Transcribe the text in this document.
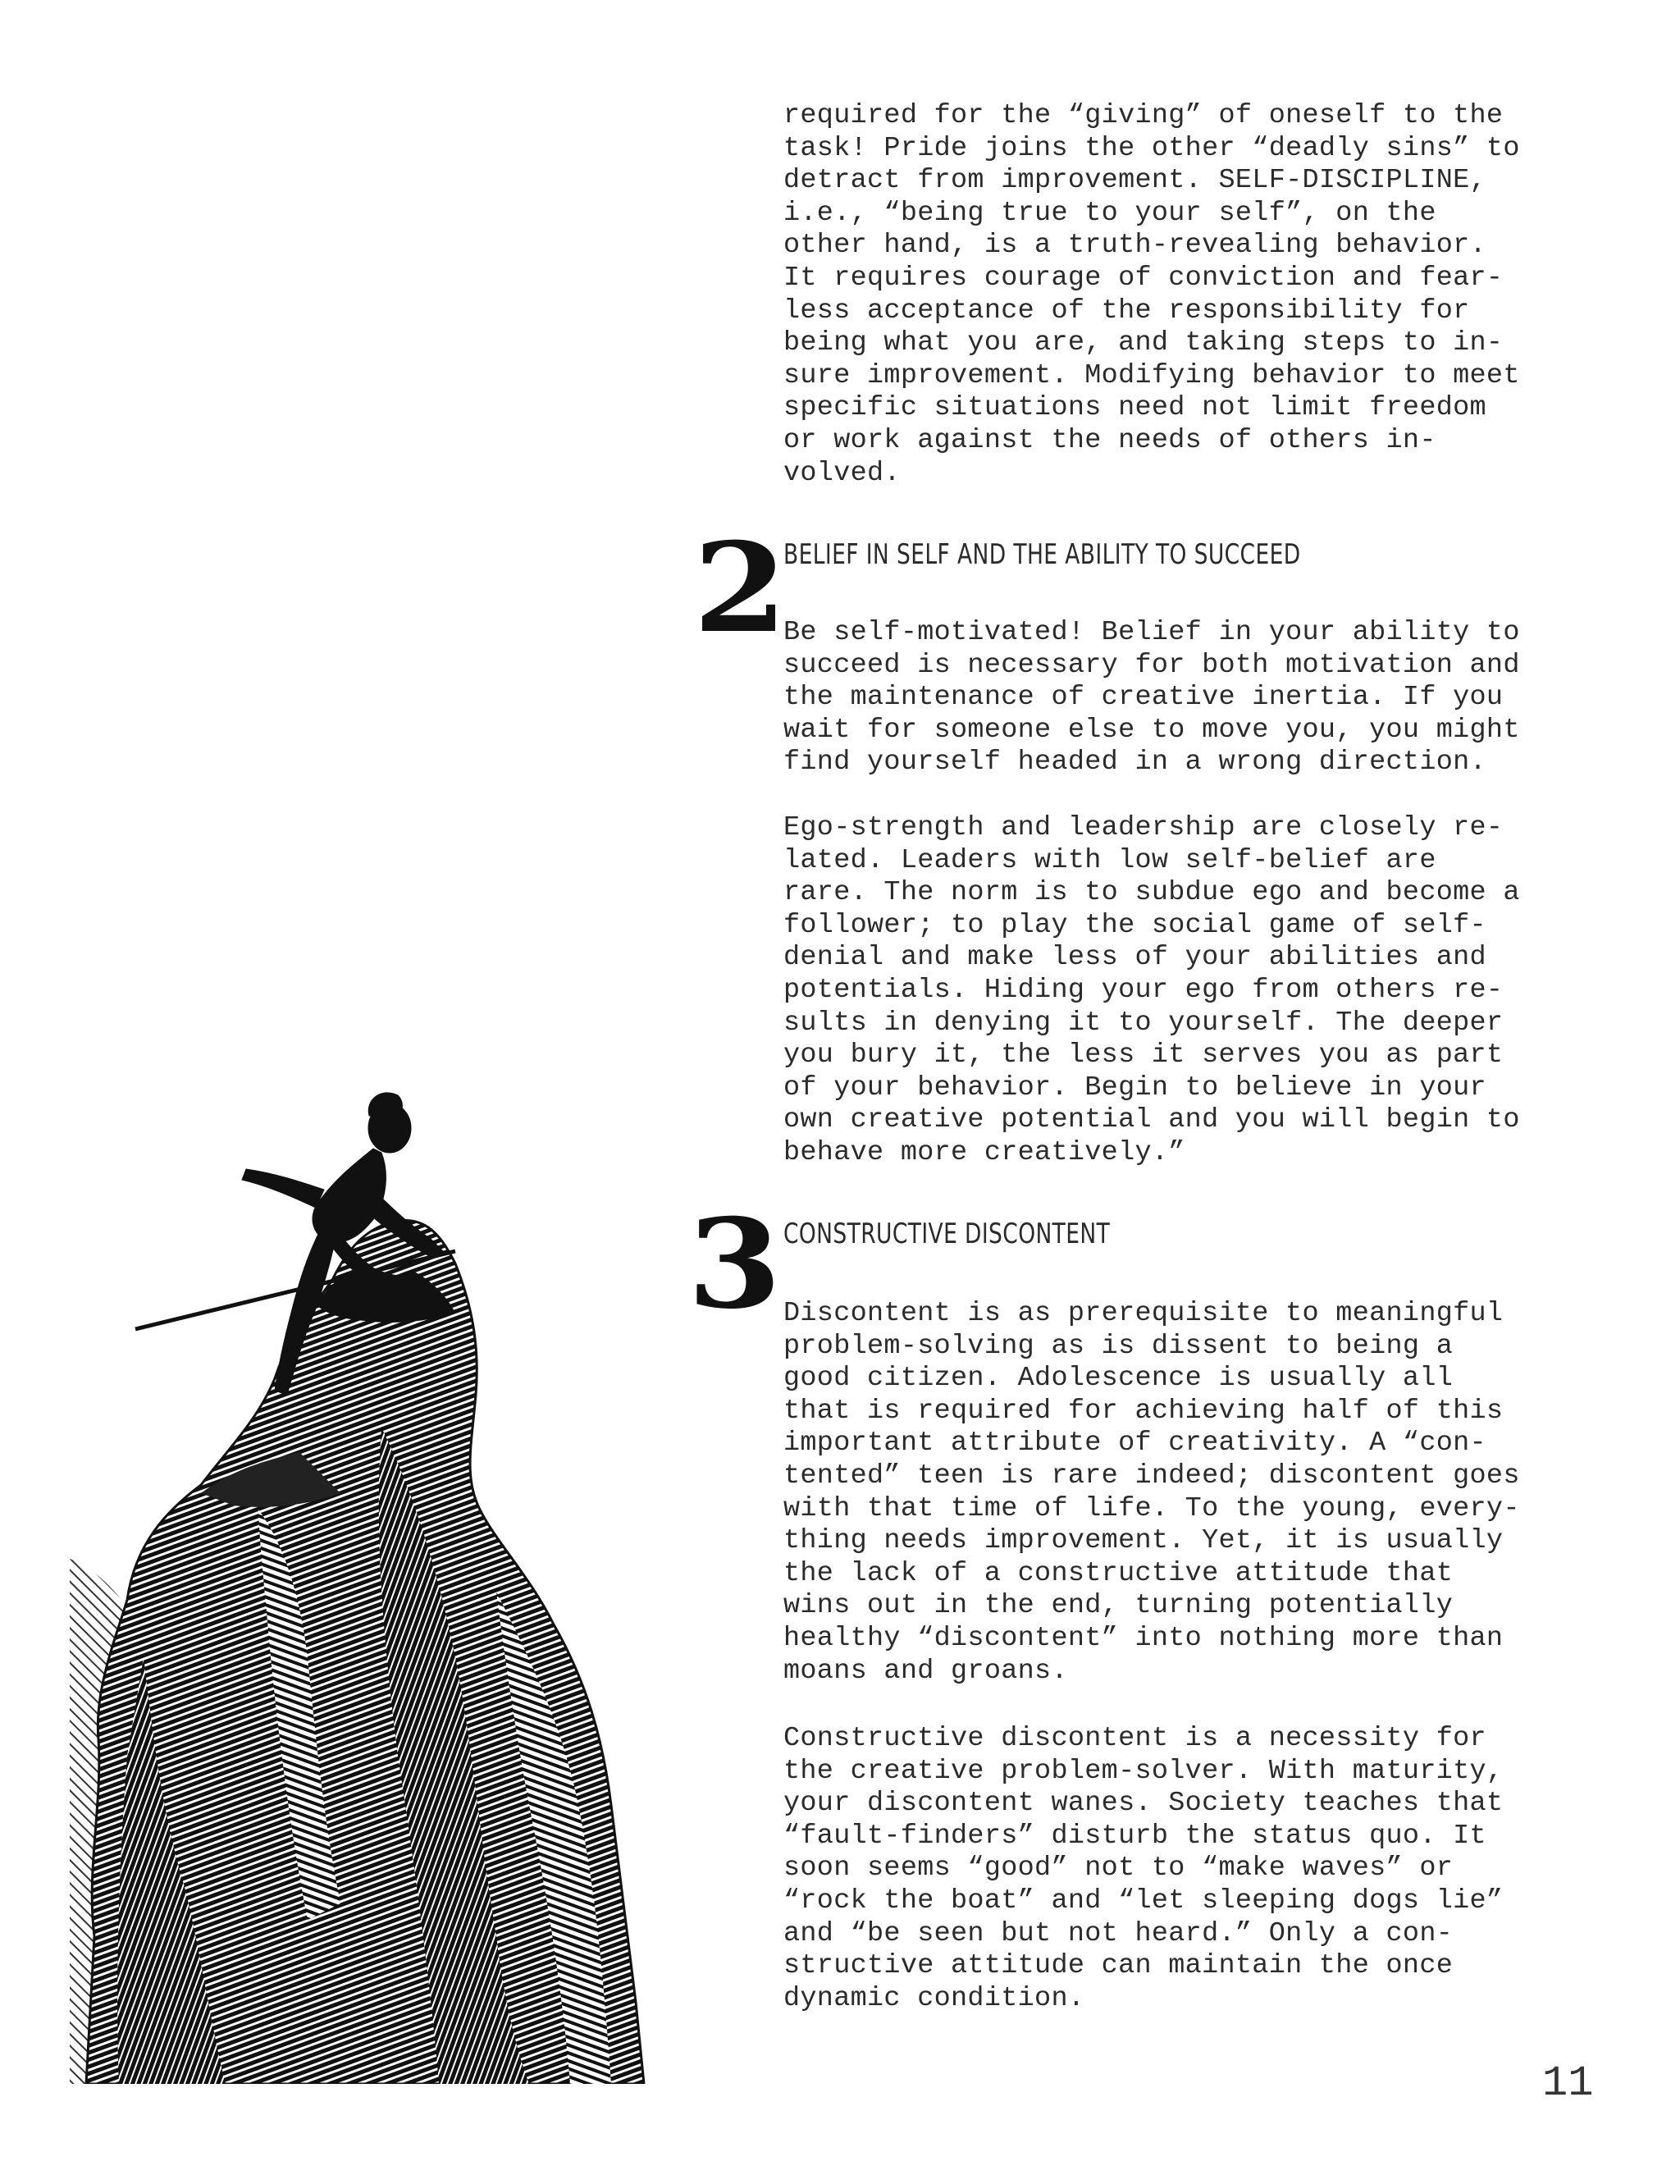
required for the “giving” of oneself to the
task! Pride joins the other “deadly sins” to
detract from improvement. SELF-DISCIPLINE,
i.e., “being true to your self”, on the
other hand, is a truth-revealing behavior.
It requires courage of conviction and fear-
less acceptance of the responsibility for
being what you are, and taking steps to in-
sure improvement. Modifying behavior to meet
specific situations need not limit freedom
or work against the needs of others in-
volved.

2
BELIEF IN SELF AND THE ABILITY TO SUCCEED

Be self-motivated! Belief in your ability to
succeed is necessary for both motivation and
the maintenance of creative inertia. If you
wait for someone else to move you, you might
find yourself headed in a wrong direction.

Ego-strength and leadership are closely re-
lated. Leaders with low self-belief are
rare. The norm is to subdue ego and become a
follower; to play the social game of self-
denial and make less of your abilities and
potentials. Hiding your ego from others re-
sults in denying it to yourself. The deeper
you bury it, the less it serves you as part
of your behavior. Begin to believe in your
own creative potential and you will begin to
behave more creatively.”

3 CONSTRUCTIVE DISCONTENT

Discontent is as prerequisite to meaningful
problem-solving as is dissent to being a
good citizen. Adolescence is usually all
that is required for achieving half of this
important attribute of creativity. A “con-
tented” teen is rare indeed; discontent goes
with that time of life. To the young, every-
thing needs improvement. Yet, it is usually
the lack of a constructive attitude that
wins out in the end, turning potentially
healthy “discontent” into nothing more than
moans and groans.

Constructive discontent is a necessity for
the creative problem-solver. With maturity,
your discontent wanes. Society teaches that
“fault-finders” disturb the status quo. It
soon seems “good” not to “make waves” or
“rock the boat” and “let sleeping dogs lie”
and “be seen but not heard.” Only a con-
structive attitude can maintain the once
dynamic condition.

11
